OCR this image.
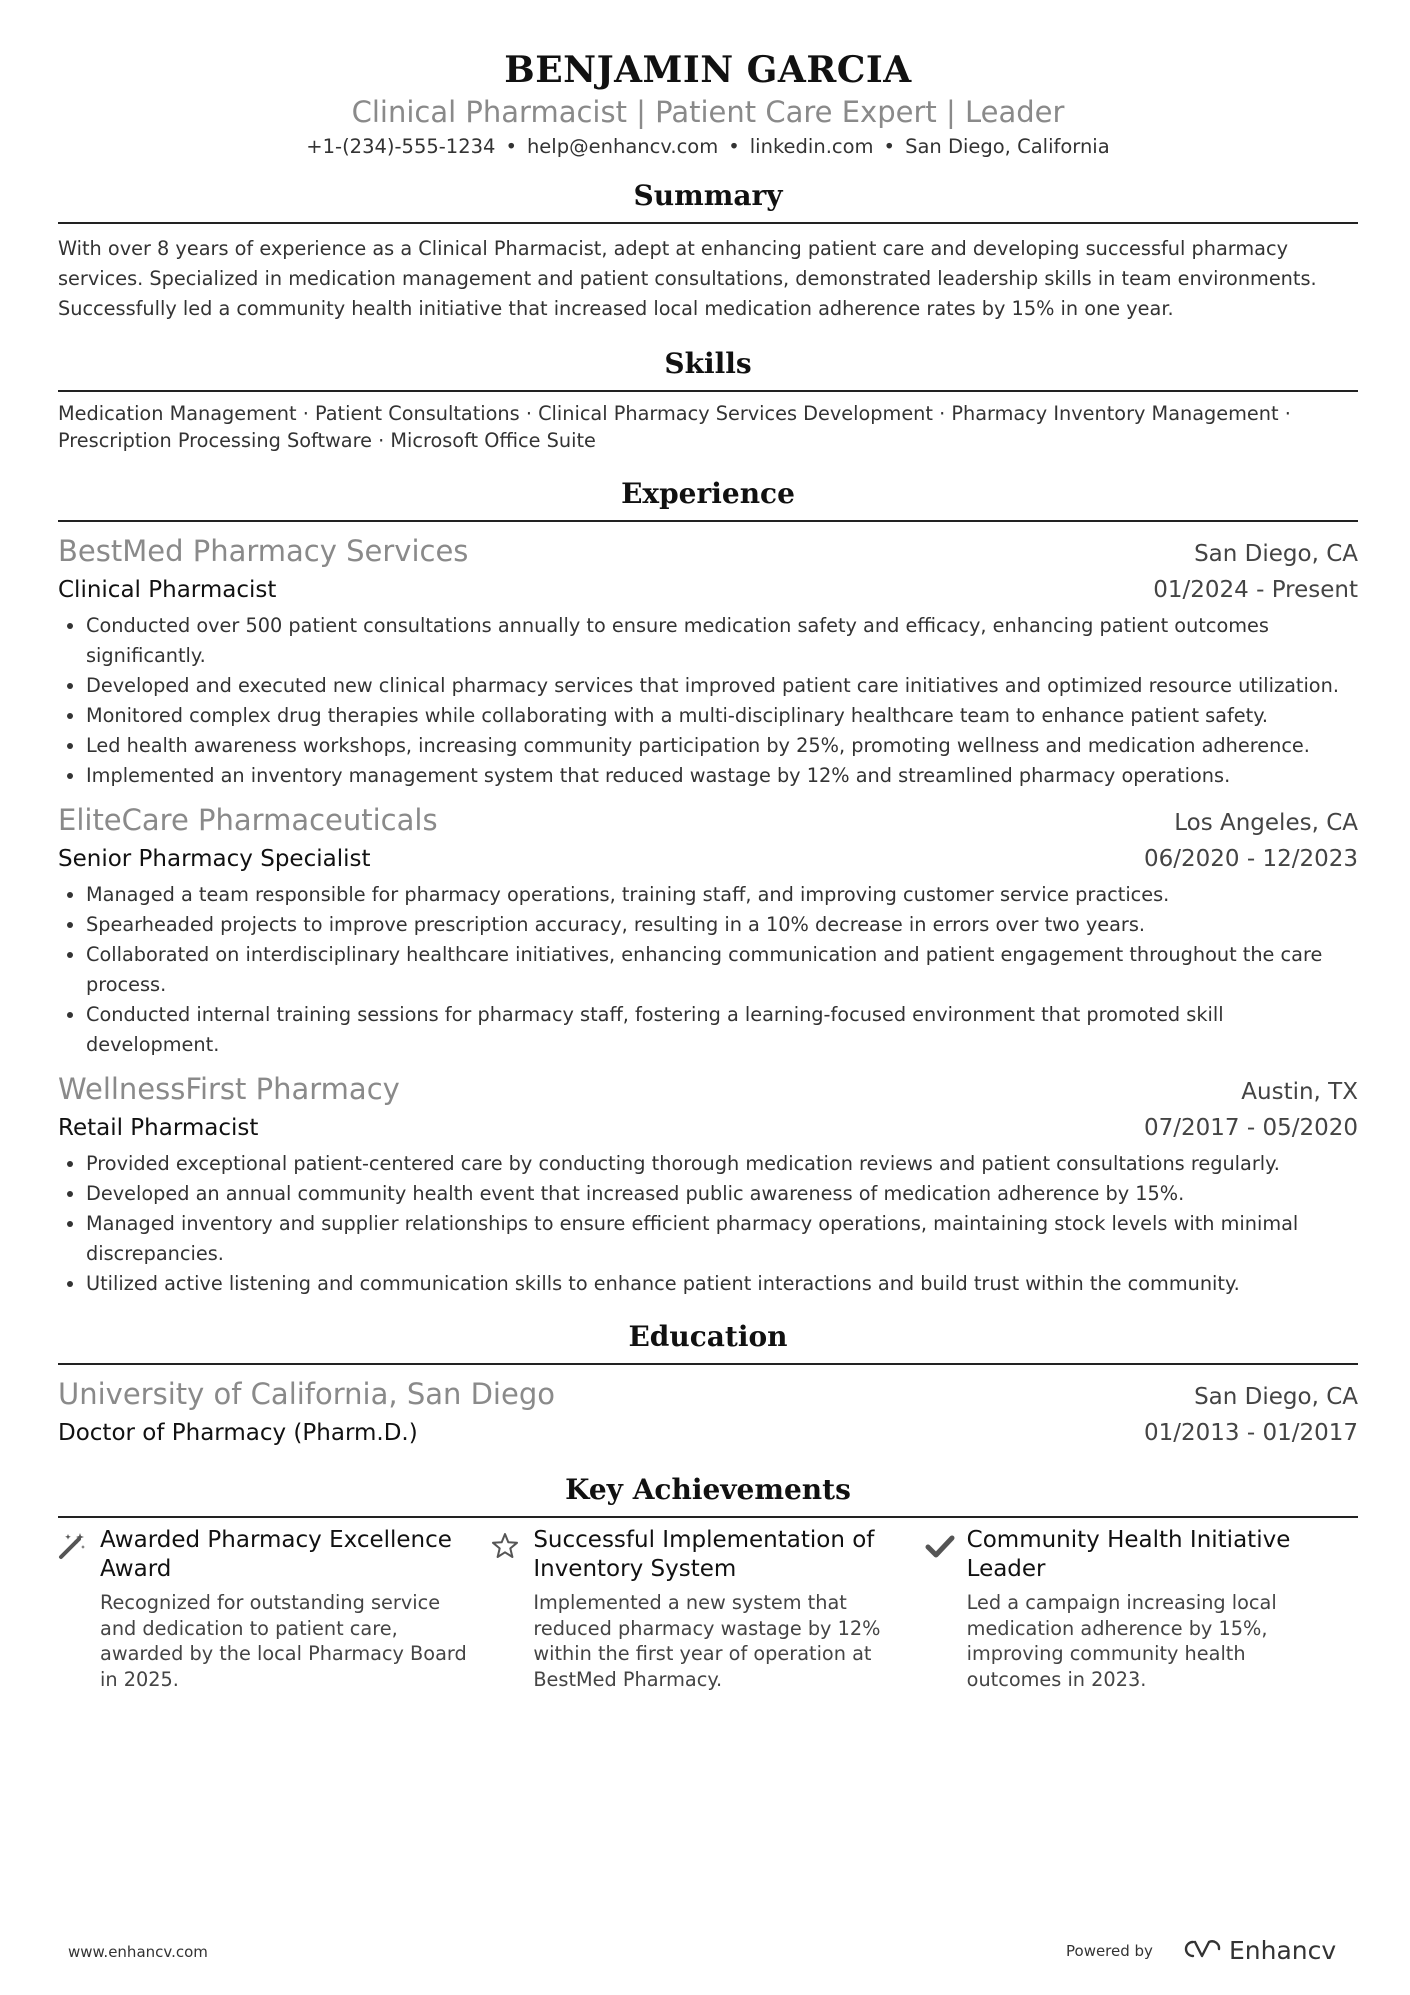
BENJAMIN GARCIA
Clinical Pharmacist | Patient Care Expert | Leader
+1-(234)-555-1234 • help@enhancv.com • linkedin.com • San Diego, California
Summary
With over 8 years of experience as a Clinical Pharmacist, adept at enhancing patient care and developing successful pharmacy services. Specialized in medication management and patient consultations, demonstrated leadership skills in team environments. Successfully led a community health initiative that increased local medication adherence rates by 15% in one year.
Skills
Medication Management · Patient Consultations · Clinical Pharmacy Services Development · Pharmacy Inventory Management ·
Prescription Processing Software · Microsoft Office Suite
Experience
BestMed Pharmacy Services	San Diego, CA
Clinical Pharmacist	01/2024 - Present
• Conducted over 500 patient consultations annually to ensure medication safety and efficacy, enhancing patient outcomes significantly.
• Developed and executed new clinical pharmacy services that improved patient care initiatives and optimized resource utilization.
• Monitored complex drug therapies while collaborating with a multi-disciplinary healthcare team to enhance patient safety.
• Led health awareness workshops, increasing community participation by 25%, promoting wellness and medication adherence.
• Implemented an inventory management system that reduced wastage by 12% and streamlined pharmacy operations.
EliteCare Pharmaceuticals	Los Angeles, CA
Senior Pharmacy Specialist	06/2020 - 12/2023
• Managed a team responsible for pharmacy operations, training staff, and improving customer service practices.
• Spearheaded projects to improve prescription accuracy, resulting in a 10% decrease in errors over two years.
• Collaborated on interdisciplinary healthcare initiatives, enhancing communication and patient engagement throughout the care process.
• Conducted internal training sessions for pharmacy staff, fostering a learning-focused environment that promoted skill development.
WellnessFirst Pharmacy	Austin, TX
Retail Pharmacist	07/2017 - 05/2020
• Provided exceptional patient-centered care by conducting thorough medication reviews and patient consultations regularly.
• Developed an annual community health event that increased public awareness of medication adherence by 15%.
• Managed inventory and supplier relationships to ensure efficient pharmacy operations, maintaining stock levels with minimal discrepancies.
• Utilized active listening and communication skills to enhance patient interactions and build trust within the community.
Education
University of California, San Diego	San Diego, CA
Doctor of Pharmacy (Pharm.D.)	01/2013 - 01/2017
Key Achievements
Awarded Pharmacy Excellence Award
Recognized for outstanding service and dedication to patient care, awarded by the local Pharmacy Board in 2025.
Successful Implementation of Inventory System
Implemented a new system that reduced pharmacy wastage by 12% within the first year of operation at BestMed Pharmacy.
Community Health Initiative Leader
Led a campaign increasing local medication adherence by 15%, improving community health outcomes in 2023.
www.enhancv.com	Powered by	Enhancv
